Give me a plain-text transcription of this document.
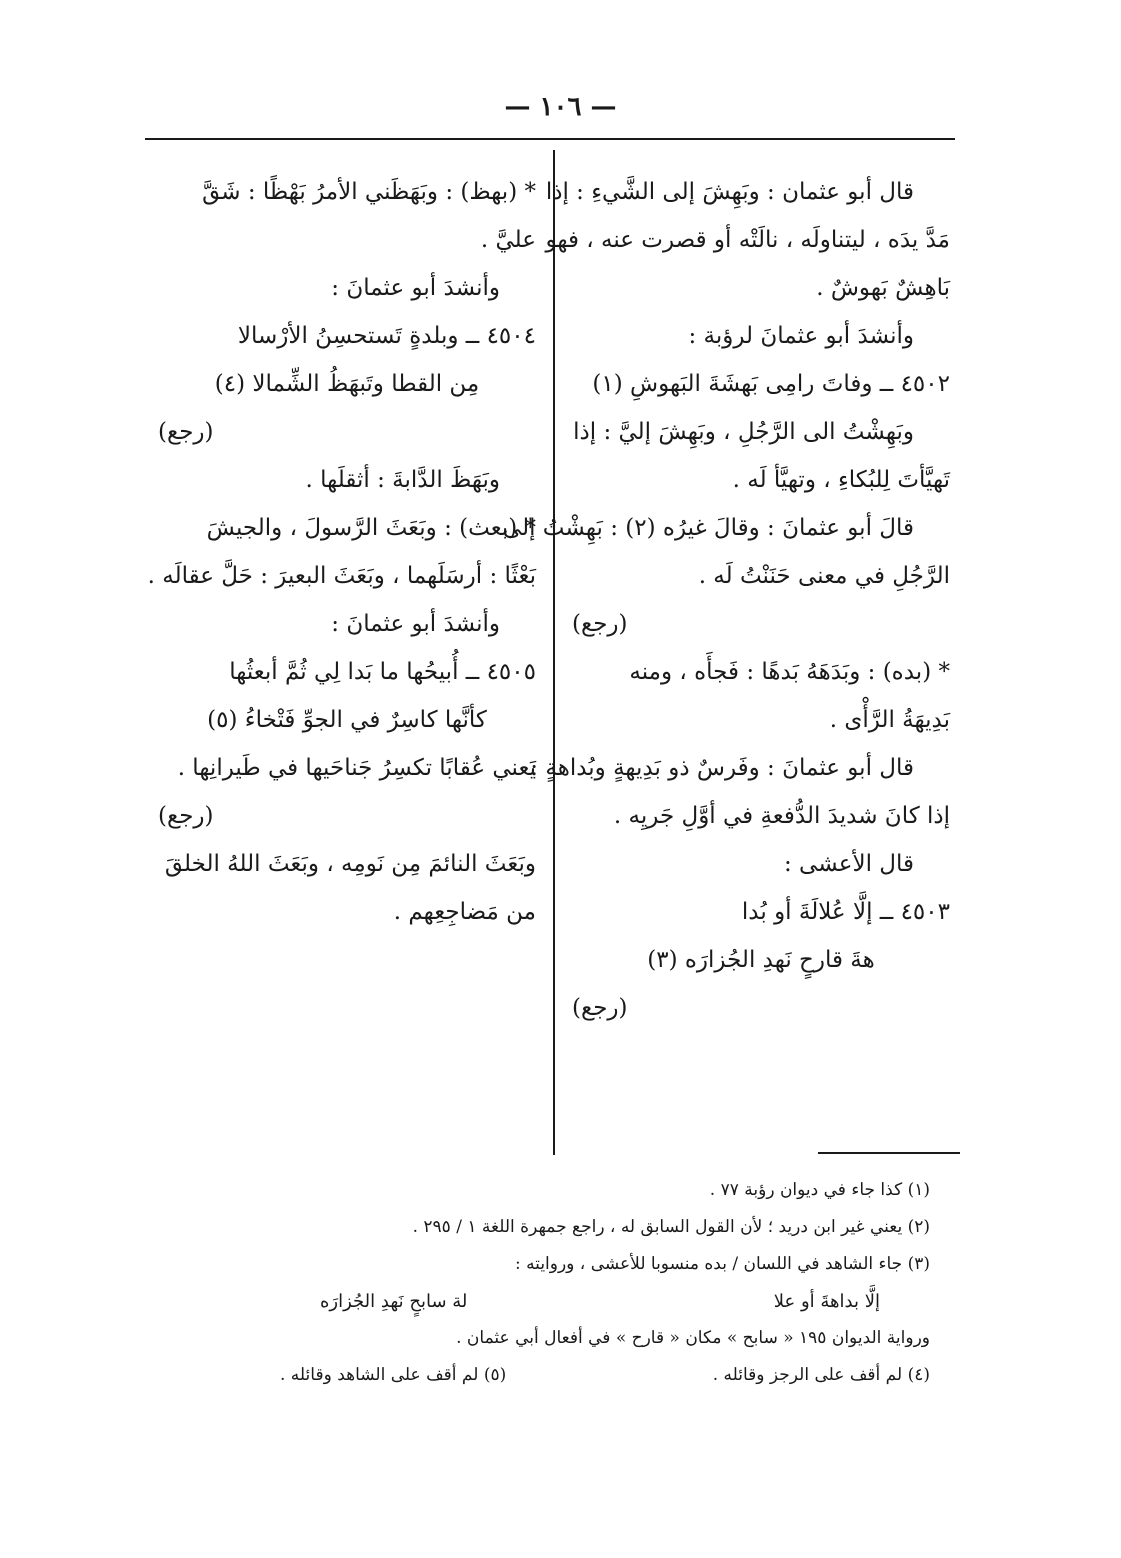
— ١٠٦ —
قال أبو عثمان : وبَهِشَ إلى الشَّيءِ : إذا
مَدَّ يدَه ، ليتناولَه ، نالَتْه أو قصرت عنه ، فهو
بَاهِشٌ بَهوشٌ .
وأنشدَ أبو عثمانَ لرؤبة :
٤٥٠٢ ــ وفاتَ رامِى بَهشَةَ البَهوشِ (١)
وبَهِشْتُ الى الرَّجُلِ ، وبَهِشَ إليَّ : إذا
تَهيَّأتَ لِلبُكاءِ ، وتهيَّأ لَه .
قالَ أبو عثمانَ : وقالَ غيرُه (٢) : بَهِشْتُ إلى
الرَّجُلِ في معنى حَنَنْتُ لَه .
(رجع)
* (بده) : وبَدَهَهُ بَدهًا : فَجأَه ، ومنه
بَدِيهَةُ الرَّأْى .
قال أبو عثمانَ : وفَرسٌ ذو بَدِيهةٍ وبُداهةٍ :
إذا كانَ شديدَ الدُّفعةِ في أوَّلِ جَريِه .
قال الأعشى :
٤٥٠٣ ــ إلَّا عُلالَةَ أو بُدا
هةَ قارحٍ نَهدِ الجُزارَه (٣)
(رجع)
* (بهظ) : وبَهَظَني الأمرُ بَهْظًا : شَقَّ
عليَّ .
وأنشدَ أبو عثمانَ :
٤٥٠٤ ــ وبلدةٍ تَستحسِنُ الأرْسالا
مِن القطا وتَبهَظُ الشِّمالا (٤)
(رجع)
وبَهَظَ الدَّابةَ : أثقلَها .
* (بعث) : وبَعَثَ الرَّسولَ ، والجيشَ
بَعْثًا : أرسَلَهما ، وبَعَثَ البعيرَ : حَلَّ عقالَه .
وأنشدَ أبو عثمانَ :
٤٥٠٥ ــ أُبيحُها ما بَدا لِي ثُمَّ أبعثُها
كأنَّها كاسِرٌ في الجوِّ فَتْخاءُ (٥)
يَعني عُقابًا تكسِرُ جَناحَيها في طَيرانِها .
(رجع)
وبَعَثَ النائمَ مِن نَومِه ، وبَعَثَ اللهُ الخلقَ
من مَضاجِعِهم .
(١) كذا جاء في ديوان رؤبة ٧٧ .
(٢) يعني غير ابن دريد ؛ لأن القول السابق له ، راجع جمهرة اللغة ١ / ٢٩٥ .
(٣) جاء الشاهد في اللسان / بده منسوبا للأعشى ، وروايته :
إلَّا بداهةَ أو علا
لة سابحٍ نَهدِ الجُزارَه
ورواية الديوان ١٩٥ « سابح » مكان « قارح » في أفعال أبي عثمان .
(٤) لم أقف على الرجز وقائله .
(٥) لم أقف على الشاهد وقائله .
